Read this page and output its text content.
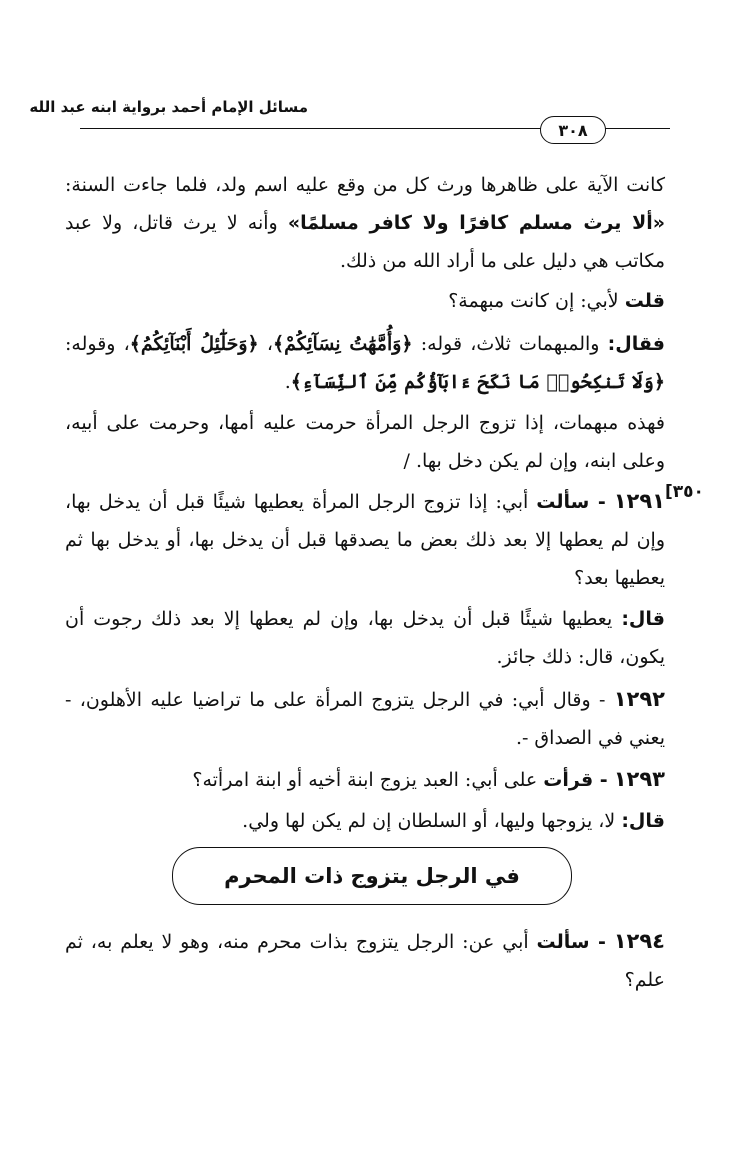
مسائل الإمام أحمد برواية ابنه عبد الله
٣٠٨
[٣٥٠
كانت الآية على ظاهرها ورث كل من وقع عليه اسم ولد، فلما جاءت السنة: «ألا يرث مسلم كافرًا ولا كافر مسلمًا» وأنه لا يرث قاتل، ولا عبد مكاتب هي دليل على ما أراد الله من ذلك.
قلت لأبي: إن كانت مبهمة؟
فقال: والمبهمات ثلاث، قوله: ﴿وَأُمَّهَٰتُ نِسَآئِكُمْ﴾، ﴿وَحَلَٰٓئِلُ أَبْنَآئِكُمُ﴾، وقوله: ﴿وَلَا تَنكِحُوا۟ مَا نَكَحَ ءَابَآؤُكُم مِّنَ ٱلنِّسَآءِ﴾.
فهذه مبهمات، إذا تزوج الرجل المرأة حرمت عليه أمها، وحرمت على أبيه، وعلى ابنه، وإن لم يكن دخل بها. /
١٢٩١ - سألت أبي: إذا تزوج الرجل المرأة يعطيها شيئًا قبل أن يدخل بها، وإن لم يعطها إلا بعد ذلك بعض ما يصدقها قبل أن يدخل بها، أو يدخل بها ثم يعطيها بعد؟
قال: يعطيها شيئًا قبل أن يدخل بها، وإن لم يعطها إلا بعد ذلك رجوت أن يكون، قال: ذلك جائز.
١٢٩٢ - وقال أبي: في الرجل يتزوج المرأة على ما تراضيا عليه الأهلون، - يعني في الصداق -.
١٢٩٣ - قرأت على أبي: العبد يزوج ابنة أخيه أو ابنة امرأته؟
قال: لا، يزوجها وليها، أو السلطان إن لم يكن لها ولي.
في الرجل يتزوج ذات المحرم
١٢٩٤ - سألت أبي عن: الرجل يتزوج بذات محرم منه، وهو لا يعلم به، ثم علم؟
